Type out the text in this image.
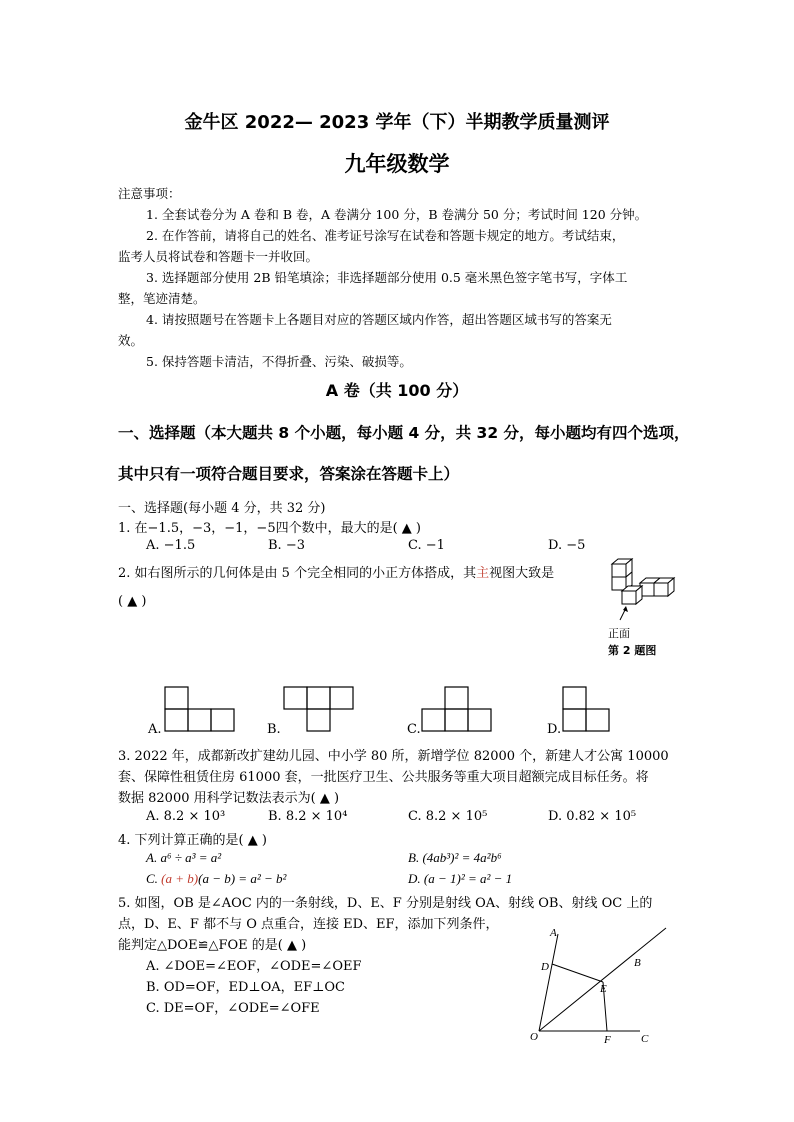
金牛区 2022— 2023 学年（下）半期教学质量测评
九年级数学
注意事项：
1. 全套试卷分为 A 卷和 B 卷，A 卷满分 100 分，B 卷满分 50 分；考试时间 120 分钟。
2. 在作答前，请将自己的姓名、准考证号涂写在试卷和答题卡规定的地方。考试结束，
监考人员将试卷和答题卡一并收回。
3. 选择题部分使用 2B 铅笔填涂；非选择题部分使用 0.5 毫米黑色签字笔书写，字体工
整，笔迹清楚。
4. 请按照题号在答题卡上各题目对应的答题区域内作答，超出答题区域书写的答案无
效。
5. 保持答题卡清洁，不得折叠、污染、破损等。
A 卷（共 100 分）
一、选择题（本大题共 8 个小题，每小题 4 分，共 32 分，每小题均有四个选项，
其中只有一项符合题目要求，答案涂在答题卡上）
一、选择题(每小题 4 分，共 32 分)
1. 在−1.5，−3，−1，−5四个数中，最大的是( ▲ )
A. −1.5	B. −3	C. −1	D. −5
2. 如右图所示的几何体是由 5 个完全相同的小正方体搭成，其主视图大致是
( ▲ )
正面
第 2 题图
A.	B.	C.	D.
3. 2022 年，成都新改扩建幼儿园、中小学 80 所，新增学位 82000 个，新建人才公寓 10000
套、保障性租赁住房 61000 套，一批医疗卫生、公共服务等重大项目超额完成目标任务。将
数据 82000 用科学记数法表示为( ▲ )
A. 8.2 × 10³	B. 8.2 × 10⁴	C. 8.2 × 10⁵	D. 0.82 × 10⁵
4. 下列计算正确的是( ▲ )
A. a⁶ ÷ a³ = a²	B. (4ab³)² = 4a²b⁶
C. (a + b)(a − b) = a² − b²	D. (a − 1)² = a² − 1
5. 如图，OB 是∠AOC 内的一条射线，D、E、F 分别是射线 OA、射线 OB、射线 OC 上的
点，D、E、F 都不与 O 点重合，连接 ED、EF，添加下列条件，
能判定△DOE≌△FOE 的是( ▲ )
A. ∠DOE=∠EOF，∠ODE=∠OEF
B. OD=OF，ED⊥OA，EF⊥OC
C. DE=OF，∠ODE=∠OFE
A
D	B
E
O	F	C
